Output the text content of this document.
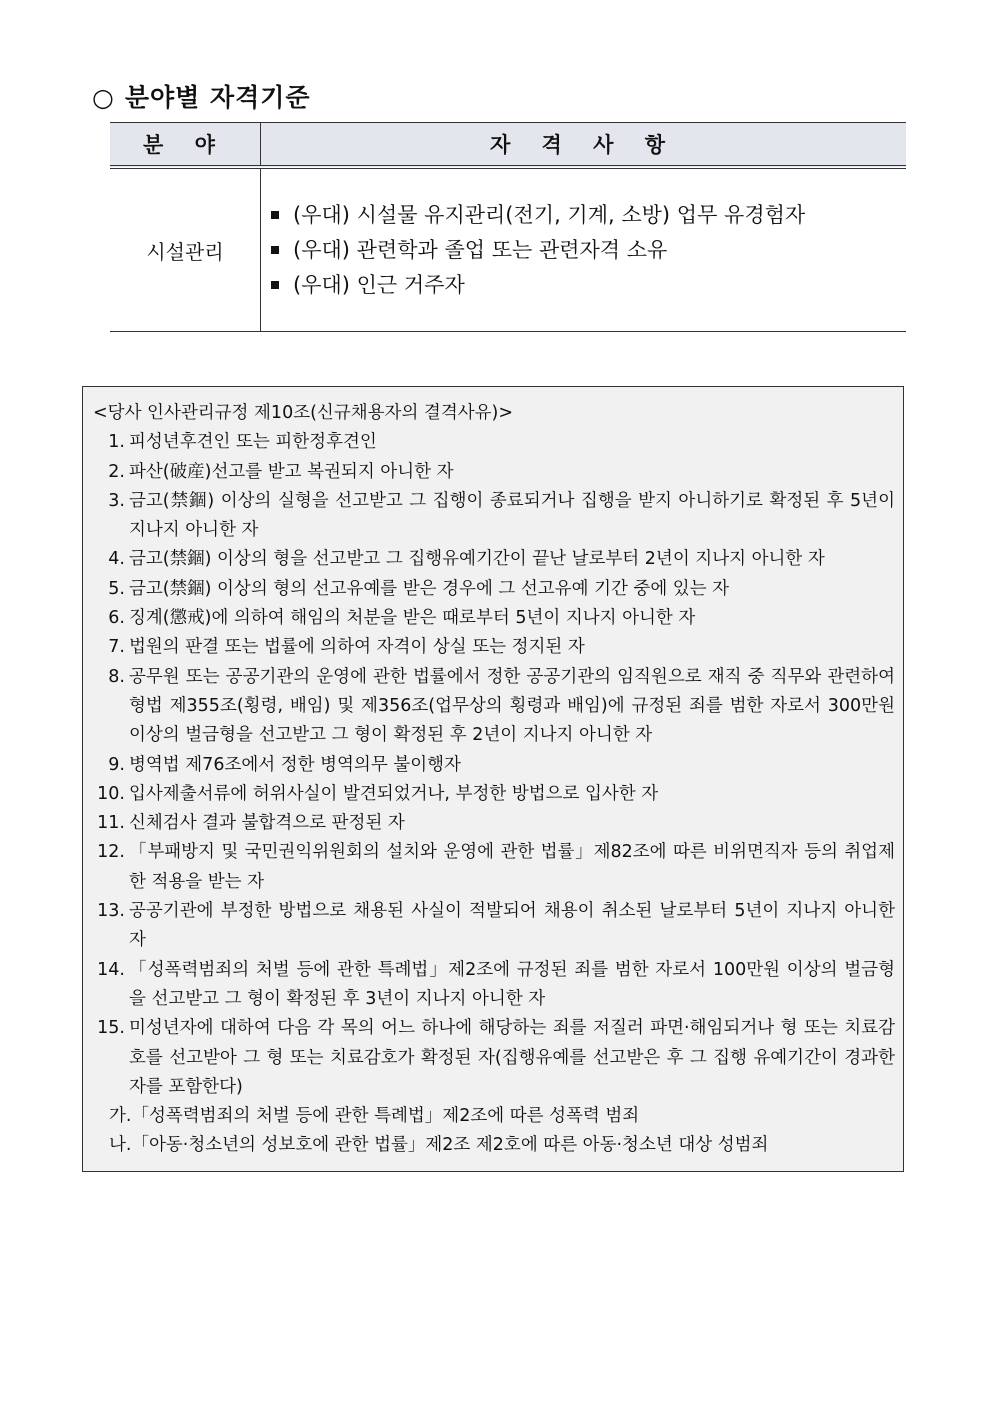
○ 분야별 자격기준
분 야	자 격 사 항
시설관리	(우대) 시설물 유지관리(전기, 기계, 소방) 업무 유경험자
(우대) 관련학과 졸업 또는 관련자격 소유
(우대) 인근 거주자
<당사 인사관리규정 제10조(신규채용자의 결격사유)>
1. 피성년후견인 또는 피한정후견인
2. 파산(破産)선고를 받고 복권되지 아니한 자
3. 금고(禁錮) 이상의 실형을 선고받고 그 집행이 종료되거나 집행을 받지 아니하기로 확정된 후 5년이 지나지 아니한 자
4. 금고(禁錮) 이상의 형을 선고받고 그 집행유예기간이 끝난 날로부터 2년이 지나지 아니한 자
5. 금고(禁錮) 이상의 형의 선고유예를 받은 경우에 그 선고유예 기간 중에 있는 자
6. 징계(懲戒)에 의하여 해임의 처분을 받은 때로부터 5년이 지나지 아니한 자
7. 법원의 판결 또는 법률에 의하여 자격이 상실 또는 정지된 자
8. 공무원 또는 공공기관의 운영에 관한 법률에서 정한 공공기관의 임직원으로 재직 중 직무와 관련하여 형법 제355조(횡령, 배임) 및 제356조(업무상의 횡령과 배임)에 규정된 죄를 범한 자로서 300만원 이상의 벌금형을 선고받고 그 형이 확정된 후 2년이 지나지 아니한 자
9. 병역법 제76조에서 정한 병역의무 불이행자
10. 입사제출서류에 허위사실이 발견되었거나, 부정한 방법으로 입사한 자
11. 신체검사 결과 불합격으로 판정된 자
12. 「부패방지 및 국민권익위원회의 설치와 운영에 관한 법률」제82조에 따른 비위면직자 등의 취업제한 적용을 받는 자
13. 공공기관에 부정한 방법으로 채용된 사실이 적발되어 채용이 취소된 날로부터 5년이 지나지 아니한 자
14. 「성폭력범죄의 처벌 등에 관한 특례법」제2조에 규정된 죄를 범한 자로서 100만원 이상의 벌금형을 선고받고 그 형이 확정된 후 3년이 지나지 아니한 자
15. 미성년자에 대하여 다음 각 목의 어느 하나에 해당하는 죄를 저질러 파면·해임되거나 형 또는 치료감호를 선고받아 그 형 또는 치료감호가 확정된 자(집행유예를 선고받은 후 그 집행 유예기간이 경과한 자를 포함한다)
가.「성폭력범죄의 처벌 등에 관한 특례법」제2조에 따른 성폭력 범죄
나.「아동·청소년의 성보호에 관한 법률」제2조 제2호에 따른 아동·청소년 대상 성범죄
